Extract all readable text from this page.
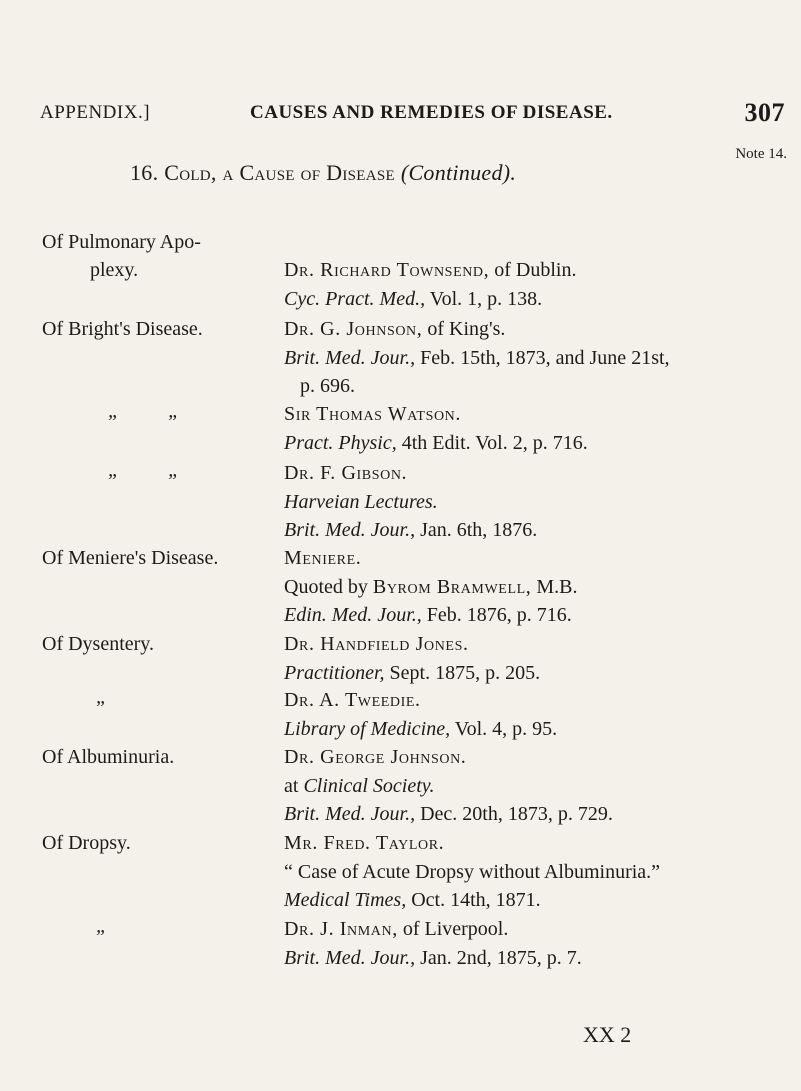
APPENDIX.]	CAUSES AND REMEDIES OF DISEASE.	307
Note 14.
16. Cold, a Cause of Disease (Continued).
Of Pulmonary Apo-
plexy.	Dr. Richard Townsend, of Dublin.
Cyc. Pract. Med., Vol. 1, p. 138.
Of Bright's Disease.	Dr. G. Johnson, of King's.
Brit. Med. Jour., Feb. 15th, 1873, and June 21st,
p. 696.
„ „	Sir Thomas Watson.
Pract. Physic, 4th Edit. Vol. 2, p. 716.
„ „	Dr. F. Gibson.
Harveian Lectures.
Brit. Med. Jour., Jan. 6th, 1876.
Of Meniere's Disease.	Meniere.
Quoted by Byrom Bramwell, M.B.
Edin. Med. Jour., Feb. 1876, p. 716.
Of Dysentery.	Dr. Handfield Jones.
Practitioner, Sept. 1875, p. 205.
„	Dr. A. Tweedie.
Library of Medicine, Vol. 4, p. 95.
Of Albuminuria.	Dr. George Johnson.
at Clinical Society.
Brit. Med. Jour., Dec. 20th, 1873, p. 729.
Of Dropsy.	Mr. Fred. Taylor.
“ Case of Acute Dropsy without Albuminuria.”
Medical Times, Oct. 14th, 1871.
„	Dr. J. Inman, of Liverpool.
Brit. Med. Jour., Jan. 2nd, 1875, p. 7.
XX 2
